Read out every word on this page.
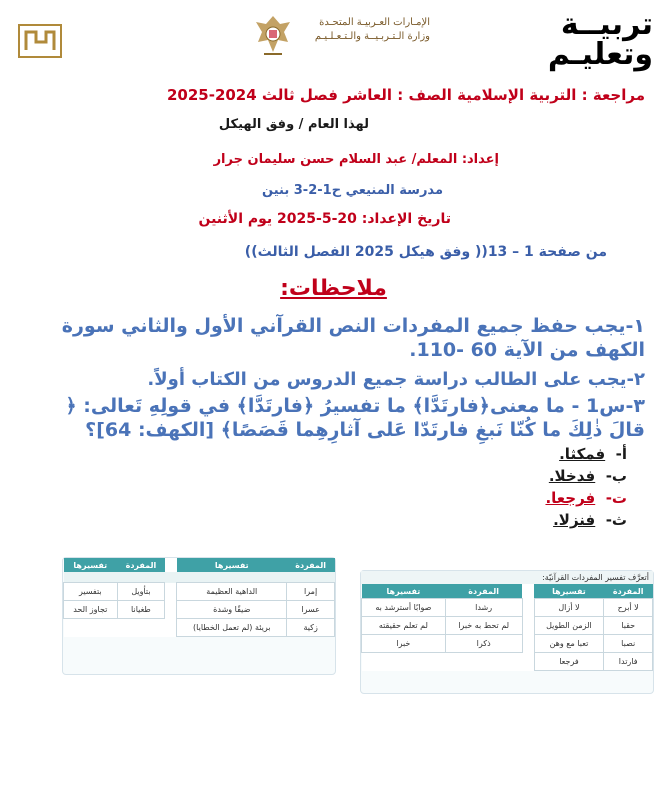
تربيــة
وتعليـم
الإمـارات العـربيـة المتحـدة
وزارة الـتـربـيــة والـتـعـلـيـم
مراجعة : التربية الإسلامية الصف : العاشر فصل ثالث 2024-2025
لهذا العام / وفق الهيكل
إعداد: المعلم/ عبد السلام حسن سليمان جرار
مدرسة المنيعي ح1-2-3 بنين
تاريخ الإعداد: 20-5-2025 يوم الأثنين
من صفحة 1 – 13(( وفق هيكل 2025 الفصل الثالث))
ملاحظات:
١-يجب حفظ جميع المفردات النص القرآني الأول والثاني سورة الكهف من الآية 60 -110.
٢-يجب على الطالب دراسة جميع الدروس من الكتاب أولاً.
٣-س1 - ما معنى﴿فارتَدَّا﴾ ما تفسيرُ ﴿فارتَدَّا﴾ في قولِهِ تَعالى: ﴿ قالَ ذٰلِكَ ما كُنّا نَبغِ فارتَدّا عَلى آثارِهِما قَصَصًا﴾ [الكهف: 64]؟
أ-  فمكثا.
ب-  فدخلا.
ت-  فرجعا.
ث-  فنزلا.
المفردة	تفسيرها		المفردة	تفسيرها

إمرا	الداهية العظيمة		بتأويل	بتفسير
عسرا	ضيقًا وشدة		طغيانا	تجاوز الحد
زكية	بريئة (لم تعمل الخطايا)			
أتعرَّف تفسير المفردات القرآنيّة:
المفردة	تفسيرها		المفردة	تفسيرها
لا أبرح	لا أزال		رشدا	صوابًا أسترشد به
حقبا	الزمن الطويل		لم تحط به خبرا	لم تعلم حقيقته
نصبا	تعبا مع وهن		ذكرا	خبرا
فارتدا	فرجعا			
